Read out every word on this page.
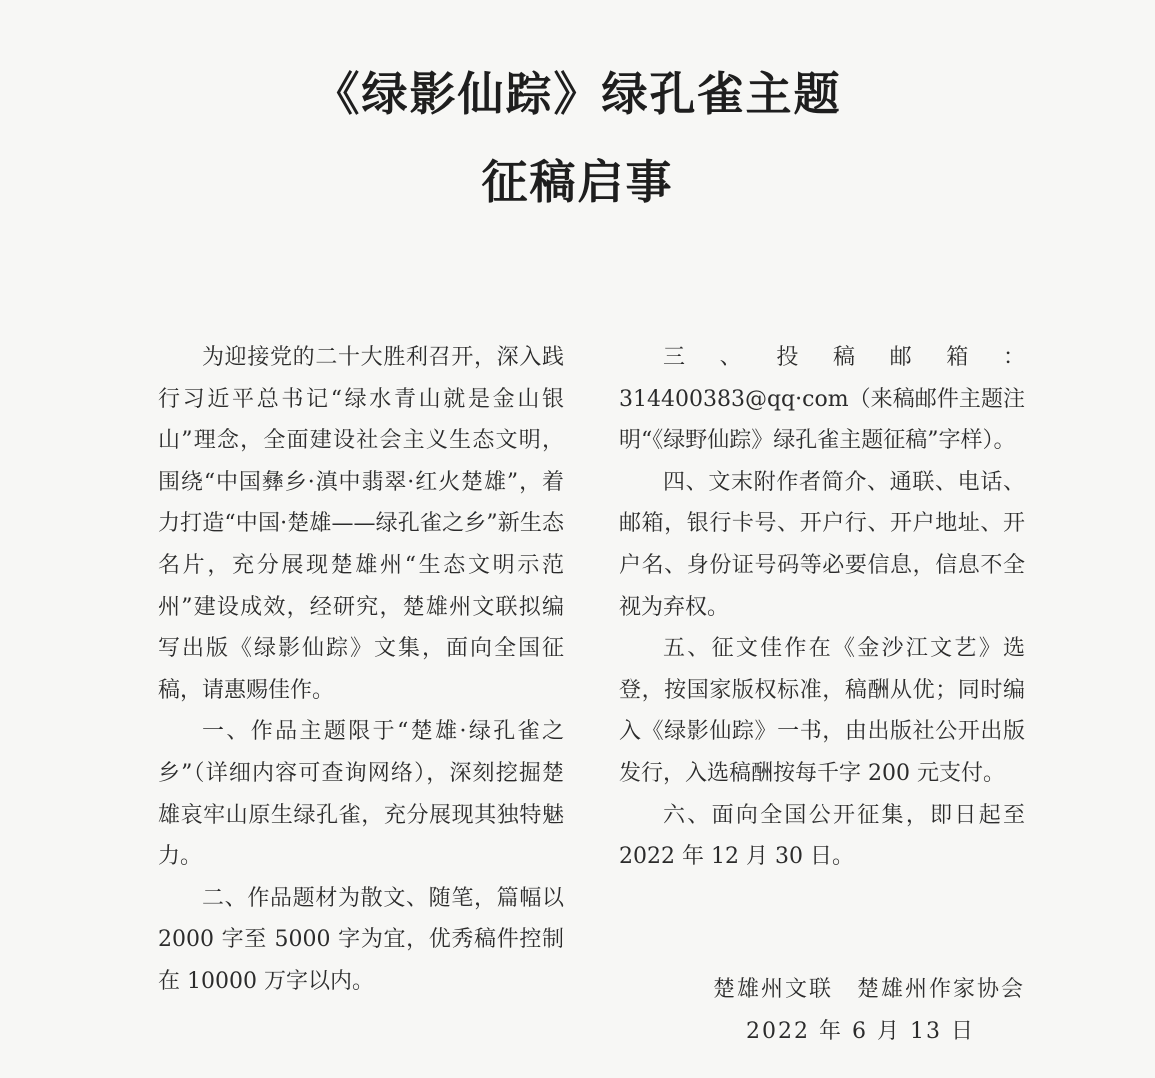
《绿影仙踪》绿孔雀主题
征稿启事

为迎接党的二十大胜利召开，深入践行习近平总书记“绿水青山就是金山银山”理念，全面建设社会主义生态文明，围绕“中国彝乡·滇中翡翠·红火楚雄”，着力打造“中国·楚雄——绿孔雀之乡”新生态名片，充分展现楚雄州“生态文明示范州”建设成效，经研究，楚雄州文联拟编写出版《绿影仙踪》文集，面向全国征稿，请惠赐佳作。

一、作品主题限于“楚雄·绿孔雀之乡”（详细内容可查询网络），深刻挖掘楚雄哀牢山原生绿孔雀，充分展现其独特魅力。

二、作品题材为散文、随笔，篇幅以 2000 字至 5000 字为宜，优秀稿件控制在 10000 万字以内。

三、投稿邮箱：314400383@qq·com（来稿邮件主题注明“《绿野仙踪》绿孔雀主题征稿”字样）。

四、文末附作者简介、通联、电话、邮箱，银行卡号、开户行、开户地址、开户名、身份证号码等必要信息，信息不全视为弃权。

五、征文佳作在《金沙江文艺》选登，按国家版权标准，稿酬从优；同时编入《绿影仙踪》一书，由出版社公开出版发行，入选稿酬按每千字 200 元支付。

六、面向全国公开征集，即日起至 2022 年 12 月 30 日。

楚雄州文联　楚雄州作家协会
2022 年 6 月 13 日
